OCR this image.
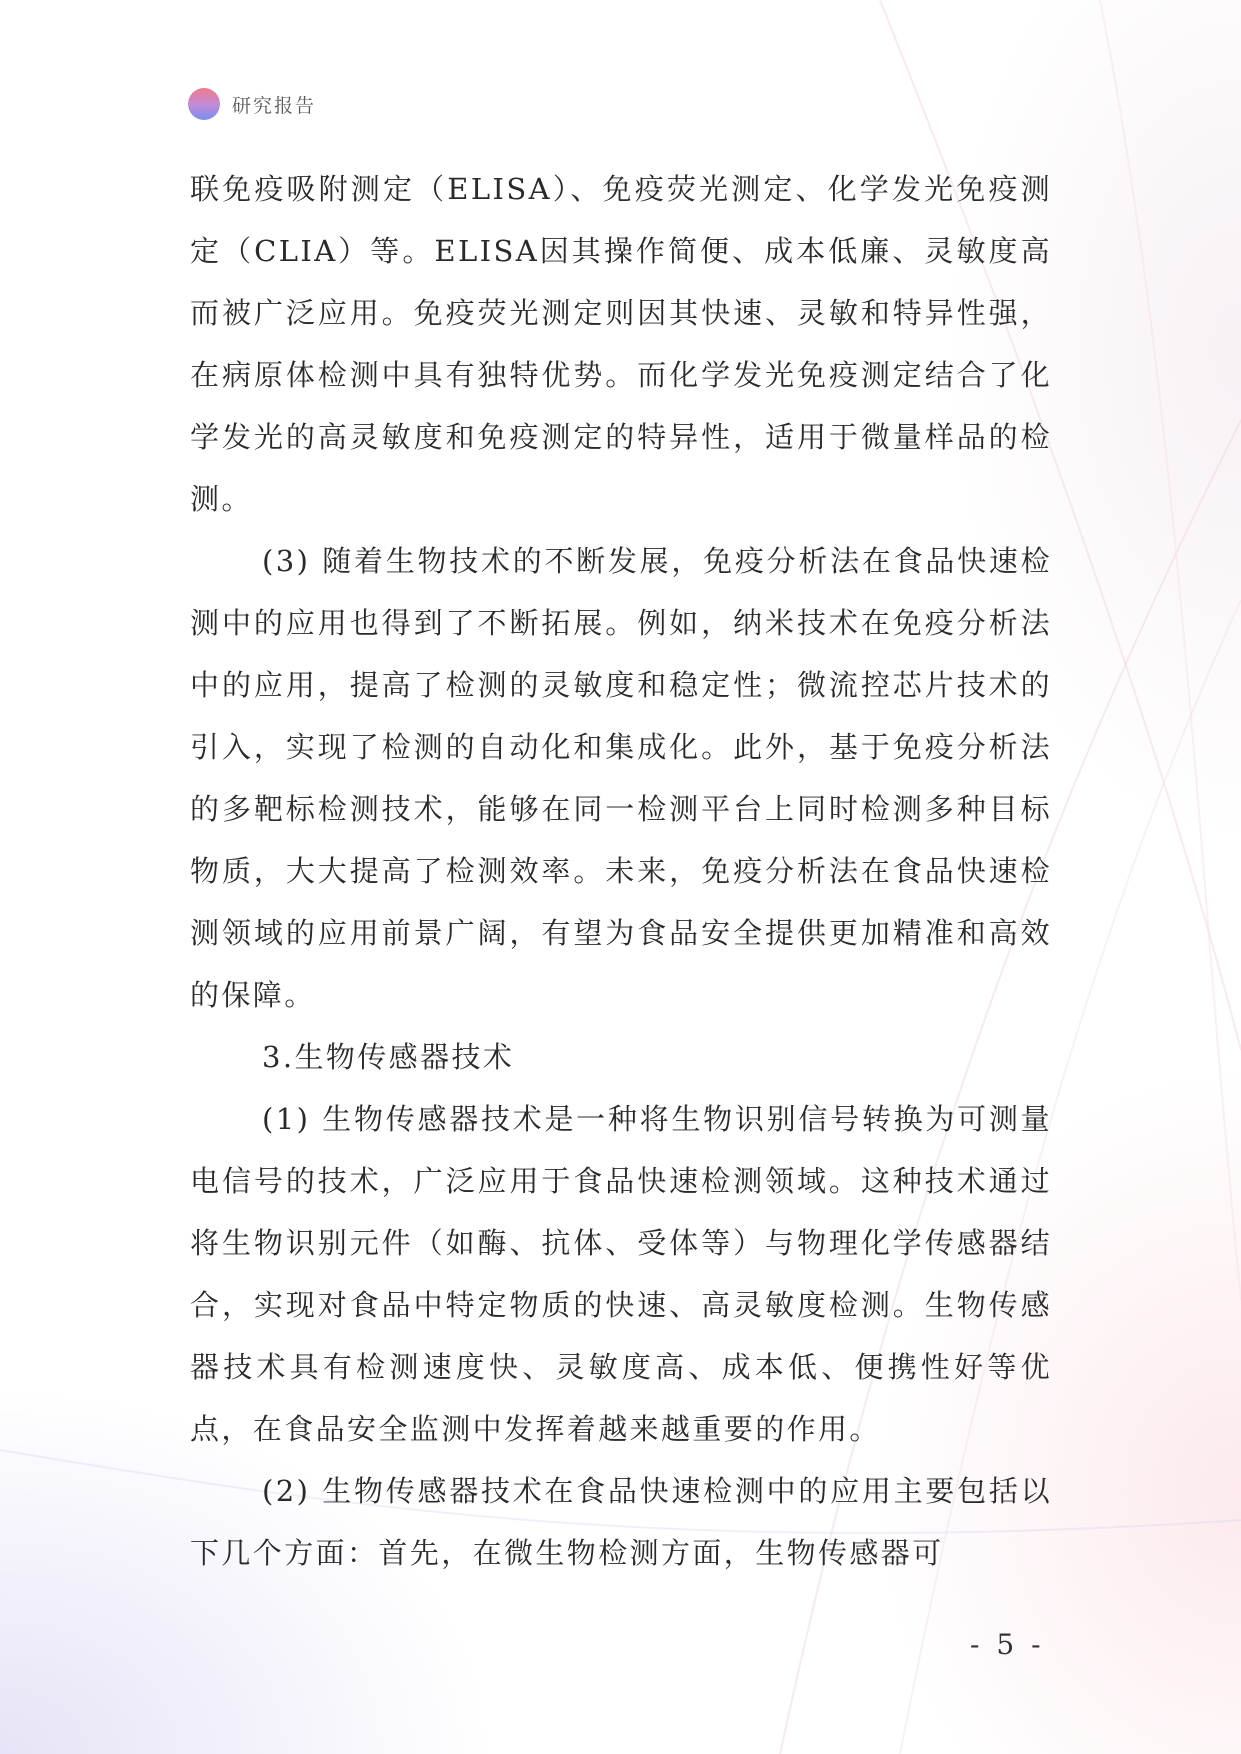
研究报告

联免疫吸附测定（ELISA）、免疫荧光测定、化学发光免疫测定（CLIA）等。ELISA因其操作简便、成本低廉、灵敏度高而被广泛应用。免疫荧光测定则因其快速、灵敏和特异性强，在病原体检测中具有独特优势。而化学发光免疫测定结合了化学发光的高灵敏度和免疫测定的特异性，适用于微量样品的检测。

(3) 随着生物技术的不断发展，免疫分析法在食品快速检测中的应用也得到了不断拓展。例如，纳米技术在免疫分析法中的应用，提高了检测的灵敏度和稳定性；微流控芯片技术的引入，实现了检测的自动化和集成化。此外，基于免疫分析法的多靶标检测技术，能够在同一检测平台上同时检测多种目标物质，大大提高了检测效率。未来，免疫分析法在食品快速检测领域的应用前景广阔，有望为食品安全提供更加精准和高效的保障。

3.生物传感器技术

(1) 生物传感器技术是一种将生物识别信号转换为可测量电信号的技术，广泛应用于食品快速检测领域。这种技术通过将生物识别元件（如酶、抗体、受体等）与物理化学传感器结合，实现对食品中特定物质的快速、高灵敏度检测。生物传感器技术具有检测速度快、灵敏度高、成本低、便携性好等优点，在食品安全监测中发挥着越来越重要的作用。

(2) 生物传感器技术在食品快速检测中的应用主要包括以下几个方面：首先，在微生物检测方面，生物传感器可

- 5 -
